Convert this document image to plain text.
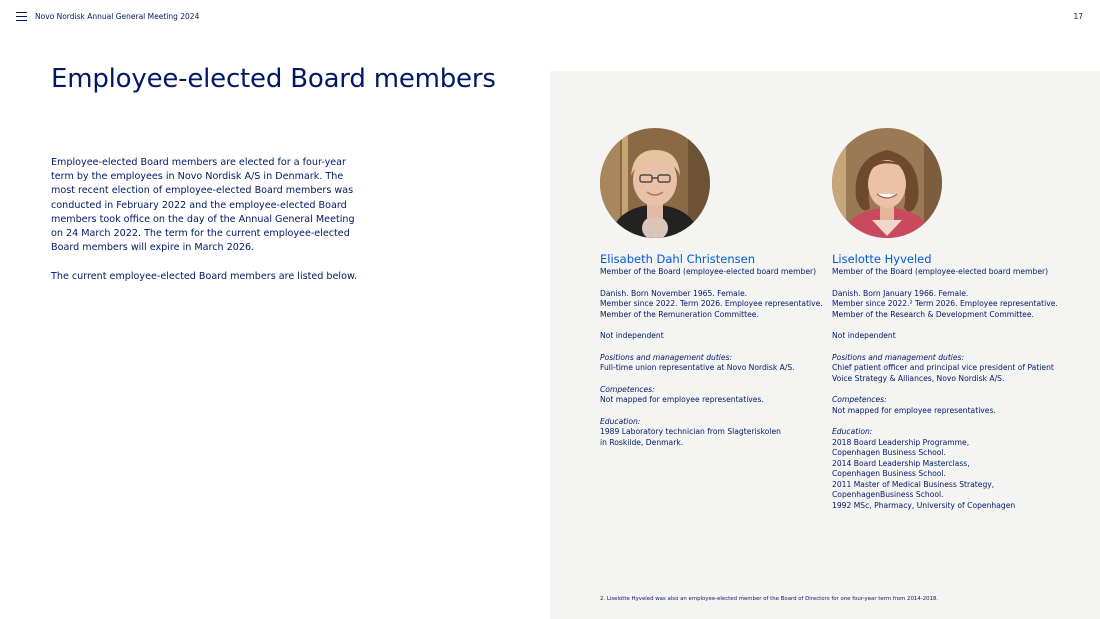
Novo Nordisk Annual General Meeting 2024	17
Employee-elected Board members

Employee-elected Board members are elected for a four-year term by the employees in Novo Nordisk A/S in Denmark. The most recent election of employee-elected Board members was conducted in February 2022 and the employee-elected Board members took office on the day of the Annual General Meeting on 24 March 2022. The term for the current employee-elected Board members will expire in March 2026.

The current employee-elected Board members are listed below.

Elisabeth Dahl Christensen
Member of the Board (employee-elected board member)
Danish. Born November 1965. Female.
Member since 2022. Term 2026. Employee representative.
Member of the Remuneration Committee.
Not independent
Positions and management duties:
Full-time union representative at Novo Nordisk A/S.
Competences:
Not mapped for employee representatives.
Education:
1989 Laboratory technician from Slagteriskolen
in Roskilde, Denmark.
Liselotte Hyveled
Member of the Board (employee-elected board member)
Danish. Born January 1966. Female.
Member since 2022.² Term 2026. Employee representative.
Member of the Research & Development Committee.
Not independent
Positions and management duties:
Chief patient officer and principal vice president of Patient
Voice Strategy & Alliances, Novo Nordisk A/S.
Competences:
Not mapped for employee representatives.
Education:
2018 Board Leadership Programme,
Copenhagen Business School.
2014 Board Leadership Masterclass,
Copenhagen Business School.
2011 Master of Medical Business Strategy,
CopenhagenBusiness School.
1992 MSc, Pharmacy, University of Copenhagen
2. Liselotte Hyveled was also an employee-elected member of the Board of Directors for one four-year term from 2014-2018.
